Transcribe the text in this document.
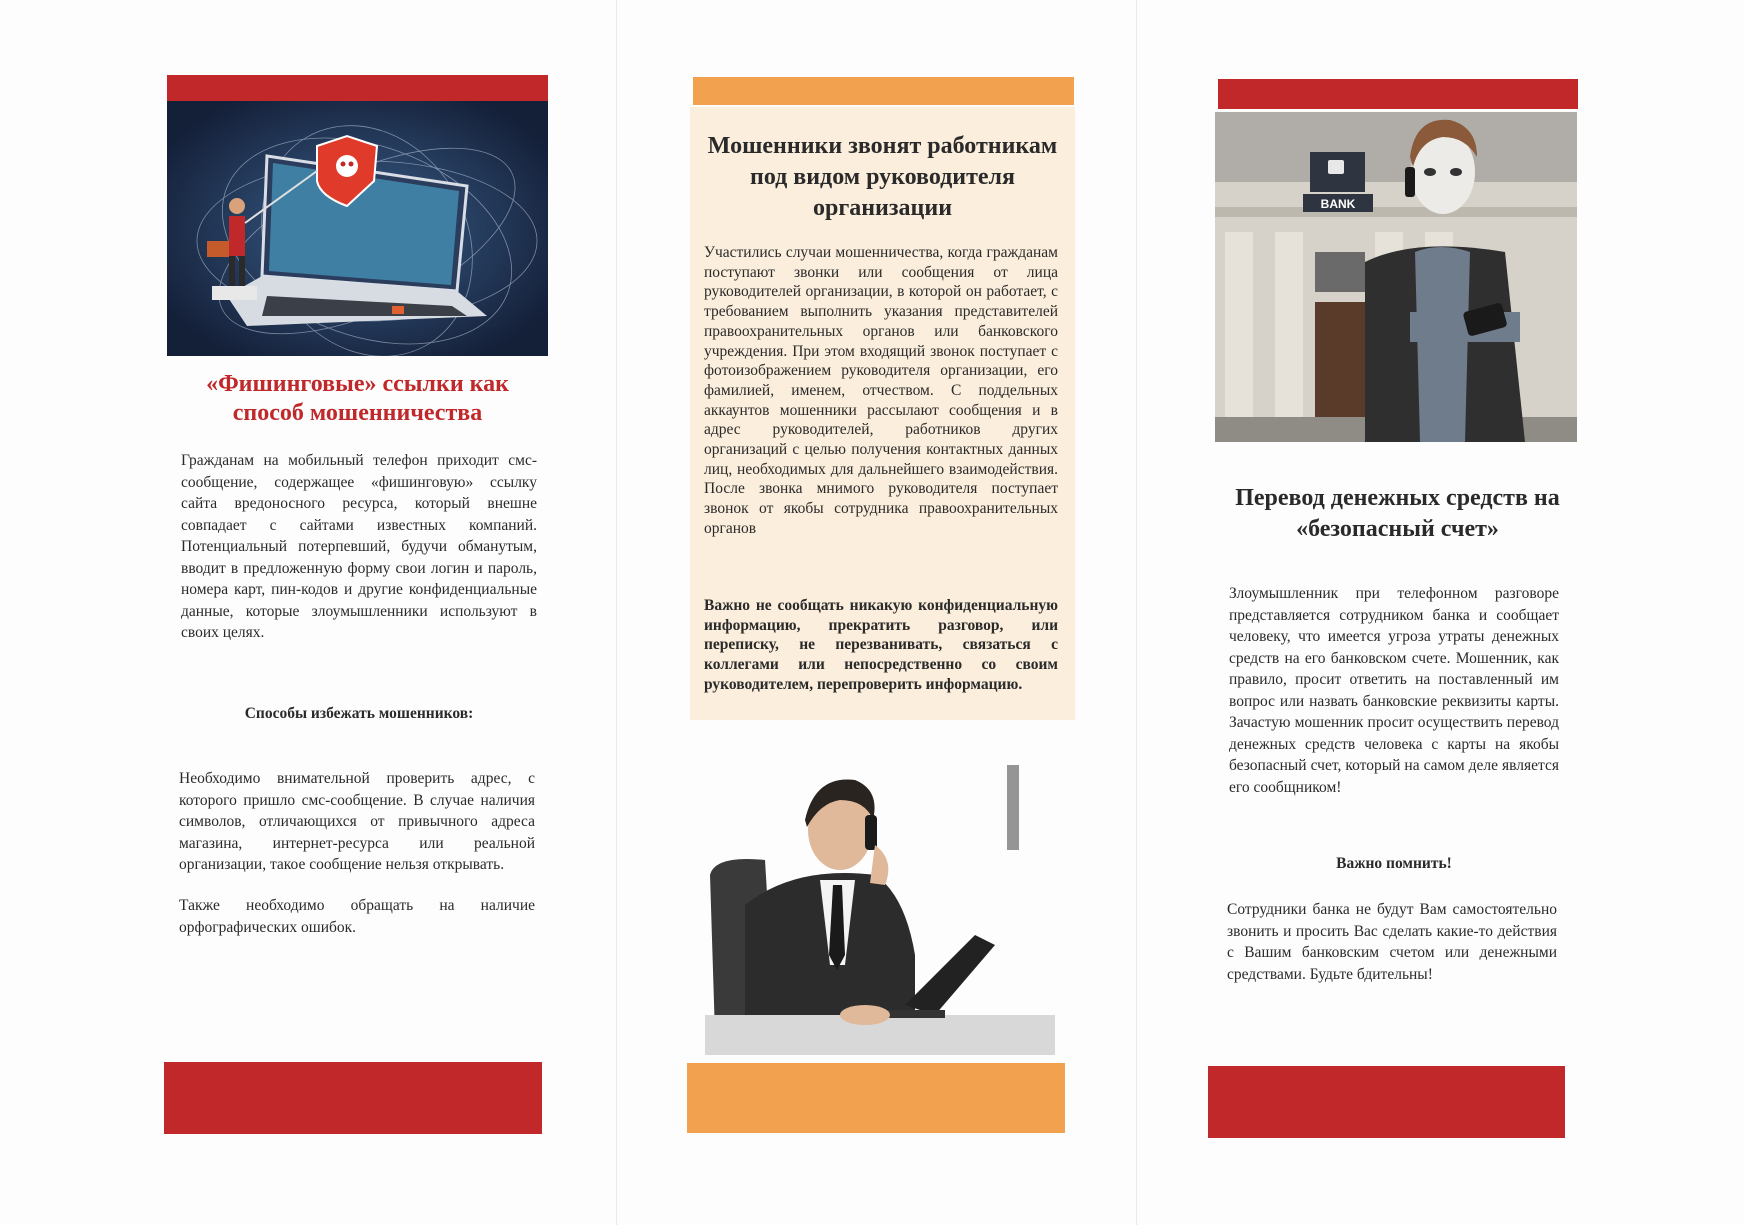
«Фишинговые» ссылки как способ мошенничества

Гражданам на мобильный телефон приходит смс-сообщение, содержащее «фишинговую» ссылку сайта вредоносного ресурса, который внешне совпадает с сайтами известных компаний. Потенциальный потерпевший, будучи обманутым, вводит в предложенную форму свои логин и пароль, номера карт, пин-кодов и другие конфиденциальные данные, которые злоумышленники используют в своих целях.

Способы избежать мошенников:

Необходимо внимательной проверить адрес, с которого пришло смс-сообщение. В случае наличия символов, отличающихся от привычного адреса магазина, интернет-ресурса или реальной организации, такое сообщение нельзя открывать.

Также необходимо обращать на наличие орфографических ошибок.

Мошенники звонят работникам под видом руководителя организации

Участились случаи мошенничества, когда гражданам поступают звонки или сообщения от лица руководителей организации, в которой он работает, с требованием выполнить указания представителей правоохранительных органов или банковского учреждения. При этом входящий звонок поступает с фотоизображением руководителя организации, его фамилией, именем, отчеством. С поддельных аккаунтов мошенники рассылают сообщения и в адрес руководителей, работников других организаций с целью получения контактных данных лиц, необходимых для дальнейшего взаимодействия. После звонка мнимого руководителя поступает звонок от якобы сотрудника правоохранительных органов

Важно не сообщать никакую конфиденциальную информацию, прекратить разговор, или переписку, не перезванивать, связаться с коллегами или непосредственно со своим руководителем, перепроверить информацию.

BANK
Перевод денежных средств на «безопасный счет»

Злоумышленник при телефонном разговоре представляется сотрудником банка и сообщает человеку, что имеется угроза утраты денежных средств на его банковском счете. Мошенник, как правило, просит ответить на поставленный им вопрос или назвать банковские реквизиты карты. Зачастую мошенник просит осуществить перевод денежных средств человека с карты на якобы безопасный счет, который на самом деле является его сообщником!

Важно помнить!

Сотрудники банка не будут Вам самостоятельно звонить и просить Вас сделать какие-то действия с Вашим банковским счетом или денежными средствами. Будьте бдительны!
